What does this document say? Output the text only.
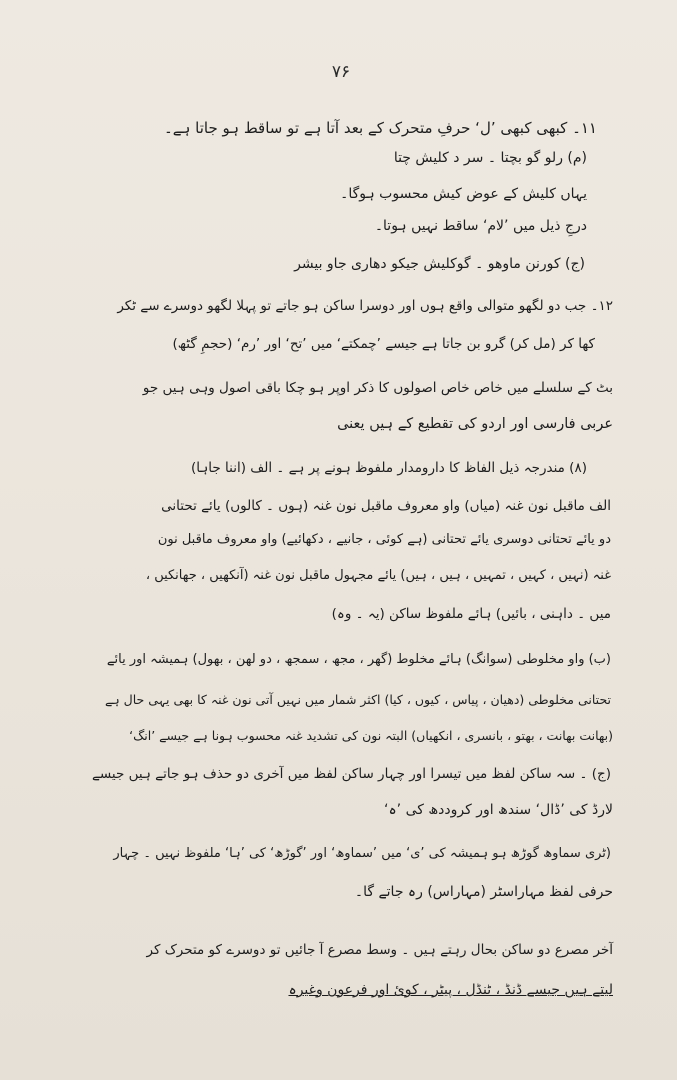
۷۶
۱۱۔ کبھی کبھی ’ل‘ حرفِ متحرک کے بعد آتا ہے تو ساقط ہو جاتا ہے۔
(م) رلو گو بچتا ۔ سر د کلیش چتا
یہاں کلیش کے عوض کیش محسوب ہوگا۔
درجِ ذیل میں ’لام‘ ساقط نہیں ہوتا۔
(ج) کورنن ماوھو ۔ گوکلیش جیکو دھاری جاو بیشر
۱۲۔ جب دو لگھو متوالی واقع ہوں اور دوسرا ساکن ہو جاتے تو پہلا لگھو دوسرے سے ٹکر
کھا کر (مل کر) گرو بن جاتا ہے جیسے ’چمکتے‘ میں ’تح‘ اور ’رم‘ (حجمِ گٹھ)
بٹ کے سلسلے میں خاص خاص اصولوں کا ذکر اوپر ہو چکا باقی اصول وہی ہیں جو
عربی فارسی اور اردو کی تقطیع کے ہیں یعنی
(۸) مندرجہ ذیل الفاظ کا دارومدار ملفوظ ہونے پر ہے ۔ الف (اننا جاہا)
الف ماقبل نون غنہ (میاں) واو معروف ماقبل نون غنہ (ہوں ۔ کالوں) یائے تحتانی
دو یائے تحتانی دوسری یائے تحتانی (ہے کوئی ، جانیے ، دکھائیے) واو معروف ماقبل نون
غنہ (نہیں ، کہیں ، تمہیں ، ہیں ، ہیں) یائے مجہول ماقبل نون غنہ (آنکھیں ، جھانکیں ،
میں ۔ داہنی ، بائیں) ہائے ملفوظ ساکن (یہ ۔ وہ)
(ب) واو مخلوطی (سوانگ) ہائے مخلوط (گھر ، مجھ ، سمجھ ، دو لھن ، بھول) ہمیشہ اور یائے
تحتانی مخلوطی (دھیان ، پیاس ، کیوں ، کیا) اکثر شمار میں نہیں آتی نون غنہ کا بھی یہی حال ہے
(بھانت بھانت ، بھتو ، بانسری ، انکھیاں) البتہ نون کی تشدید غنہ محسوب ہونا ہے جیسے ’انگ‘
(ج) ۔ سہ ساکن لفظ میں تیسرا اور چہار ساکن لفظ میں آخری دو حذف ہو جاتے ہیں جیسے
لارڈ کی ’ڈال‘ سندھ اور کروددھ کی ’ہ‘
(ٹری سماوھ گوڑھ ہو ہمیشہ کی ’ی‘ میں ’سماوھ‘ اور ’گوڑھ‘ کی ’ہا‘ ملفوظ نہیں ۔ چہار
حرفی لفظ مہاراسٹر (مہاراس) رہ جاتے گا۔
آخر مصرع دو ساکن بحال رہتے ہیں ۔ وسط مصرع آ جائیں تو دوسرے کو متحرک کر
لیتے ہیں جیسے ڈنڈ ، ٹنڈل ، پیٹر ، کوئ اور فرعون وغیرہ
